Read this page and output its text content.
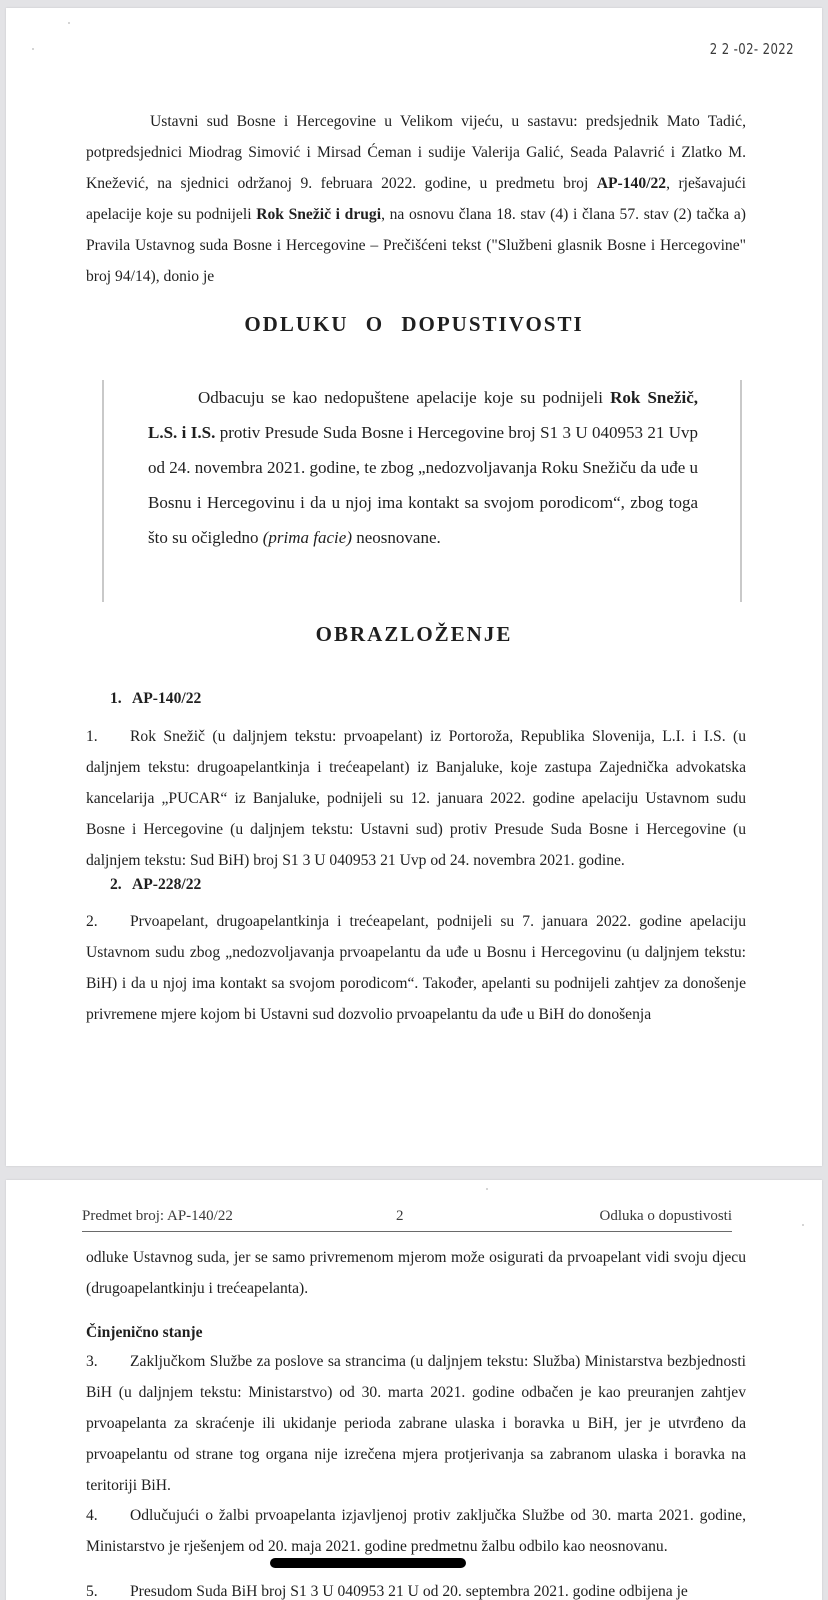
2 2 -02- 2022

Ustavni sud Bosne i Hercegovine u Velikom vijeću, u sastavu: predsjednik Mato Tadić, potpredsjednici Miodrag Simović i Mirsad Ćeman i sudije Valerija Galić, Seada Palavrić i Zlatko M. Knežević, na sjednici održanoj 9. februara 2022. godine, u predmetu broj AP-140/22, rješavajući apelacije koje su podnijeli Rok Snežič i drugi, na osnovu člana 18. stav (4) i člana 57. stav (2) tačka a) Pravila Ustavnog suda Bosne i Hercegovine – Prečišćeni tekst ("Službeni glasnik Bosne i Hercegovine" broj 94/14), donio je

ODLUKU O DOPUSTIVOSTI

Odbacuju se kao nedopuštene apelacije koje su podnijeli Rok Snežič, L.S. i I.S. protiv Presude Suda Bosne i Hercegovine broj S1 3 U 040953 21 Uvp od 24. novembra 2021. godine, te zbog „nedozvoljavanja Roku Snežiču da uđe u Bosnu i Hercegovinu i da u njoj ima kontakt sa svojom porodicom“, zbog toga što su očigledno (prima facie) neosnovane.

OBRAZLOŽENJE
1. AP-140/22

1. Rok Snežič (u daljnjem tekstu: prvoapelant) iz Portoroža, Republika Slovenija, L.I. i I.S. (u daljnjem tekstu: drugoapelantkinja i trećeapelant) iz Banjaluke, koje zastupa Zajednička advokatska kancelarija „PUCAR“ iz Banjaluke, podnijeli su 12. januara 2022. godine apelaciju Ustavnom sudu Bosne i Hercegovine (u daljnjem tekstu: Ustavni sud) protiv Presude Suda Bosne i Hercegovine (u daljnjem tekstu: Sud BiH) broj S1 3 U 040953 21 Uvp od 24. novembra 2021. godine.

2. AP-228/22

2. Prvoapelant, drugoapelantkinja i trećeapelant, podnijeli su 7. januara 2022. godine apelaciju Ustavnom sudu zbog „nedozvoljavanja prvoapelantu da uđe u Bosnu i Hercegovinu (u daljnjem tekstu: BiH) i da u njoj ima kontakt sa svojom porodicom“. Također, apelanti su podnijeli zahtjev za donošenje privremene mjere kojom bi Ustavni sud dozvolio prvoapelantu da uđe u BiH do donošenja

Predmet broj: AP-140/22	2	Odluka o dopustivosti

odluke Ustavnog suda, jer se samo privremenom mjerom može osigurati da prvoapelant vidi svoju djecu (drugoapelantkinju i trećeapelanta).

Činjenično stanje

3. Zaključkom Službe za poslove sa strancima (u daljnjem tekstu: Služba) Ministarstva bezbjednosti BiH (u daljnjem tekstu: Ministarstvo) od 30. marta 2021. godine odbačen je kao preuranjen zahtjev prvoapelanta za skraćenje ili ukidanje perioda zabrane ulaska i boravka u BiH, jer je utvrđeno da prvoapelantu od strane tog organa nije izrečena mjera protjerivanja sa zabranom ulaska i boravka na teritoriji BiH.

4. Odlučujući o žalbi prvoapelanta izjavljenoj protiv zaključka Službe od 30. marta 2021. godine, Ministarstvo je rješenjem od 20. maja 2021. godine predmetnu žalbu odbilo kao neosnovanu.

5. Presudom Suda BiH broj S1 3 U 040953 21 U od 20. septembra 2021. godine odbijena je
